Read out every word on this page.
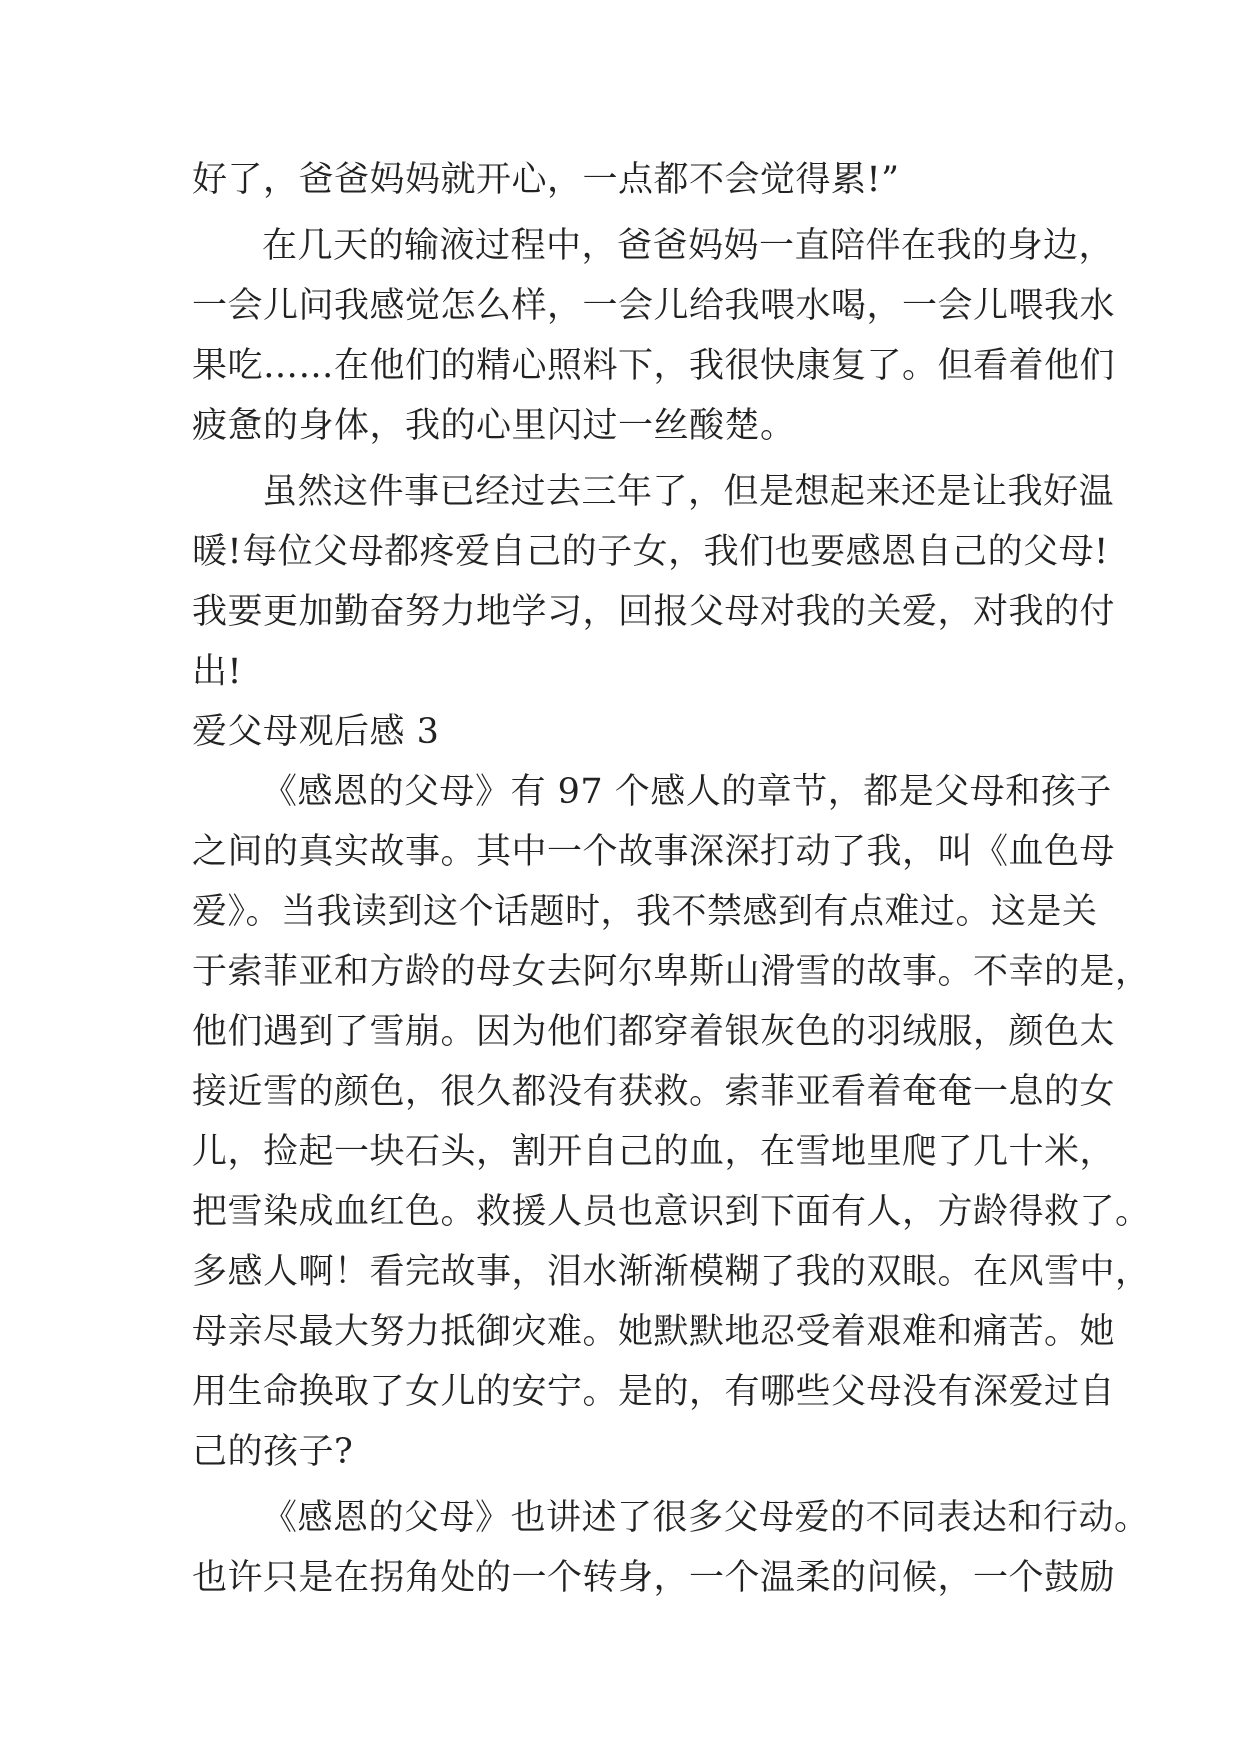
好了，爸爸妈妈就开心，一点都不会觉得累!”
在几天的输液过程中，爸爸妈妈一直陪伴在我的身边，
一会儿问我感觉怎么样，一会儿给我喂水喝，一会儿喂我水
果吃……在他们的精心照料下，我很快康复了。但看着他们
疲惫的身体，我的心里闪过一丝酸楚。
虽然这件事已经过去三年了，但是想起来还是让我好温
暖!每位父母都疼爱自己的子女，我们也要感恩自己的父母!
我要更加勤奋努力地学习，回报父母对我的关爱，对我的付
出!
爱父母观后感 3
《感恩的父母》有 97 个感人的章节，都是父母和孩子
之间的真实故事。其中一个故事深深打动了我，叫《血色母
爱》。当我读到这个话题时，我不禁感到有点难过。这是关
于索菲亚和方龄的母女去阿尔卑斯山滑雪的故事。不幸的是，
他们遇到了雪崩。因为他们都穿着银灰色的羽绒服，颜色太
接近雪的颜色，很久都没有获救。索菲亚看着奄奄一息的女
儿，捡起一块石头，割开自己的血，在雪地里爬了几十米，
把雪染成血红色。救援人员也意识到下面有人，方龄得救了。
多感人啊！看完故事，泪水渐渐模糊了我的双眼。在风雪中，
母亲尽最大努力抵御灾难。她默默地忍受着艰难和痛苦。她
用生命换取了女儿的安宁。是的，有哪些父母没有深爱过自
己的孩子?
《感恩的父母》也讲述了很多父母爱的不同表达和行动。
也许只是在拐角处的一个转身，一个温柔的问候，一个鼓励
